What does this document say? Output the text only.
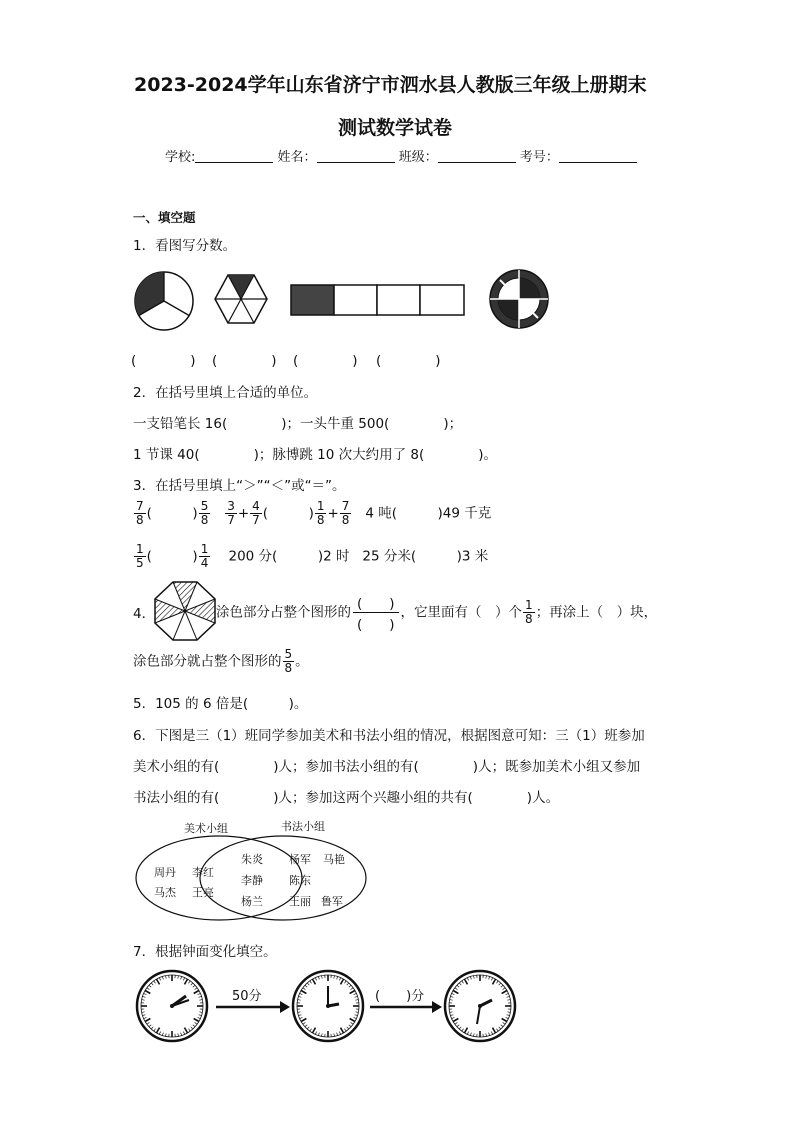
2023-2024学年山东省济宁市泗水县人教版三年级上册期末
测试数学试卷
学校:	姓名：	班级：	考号：
一、填空题
1．看图写分数。
(　　　　) (　　　　) (　　　　) (　　　　)
2．在括号里填上合适的单位。
一支铅笔长 16(　　　　)；一头牛重 500(　　　　)；
1 节课 40(　　　　)；脉博跳 10 次大约用了 8(　　　　)。
3．在括号里填上“＞”“＜”或“＝”。
$\frac{7}{8}$ (　　　) $\frac{5}{8}$
$\frac{3}{7} + \frac{4}{7}$ (　　　) $\frac{1}{8} + \frac{7}{8} 4$ 吨(　　　)49 千克
$\frac{1}{5}$ (　　　) $\frac{1}{4} 200$ 分(　　　)2 时 25 分米(　　　)3 米
4．	涂色部分占整个图形的
(　　)
(　　)
，它里面有（　）个 $\frac{1}{8}$ ；再涂上（　）块，
涂色部分就占整个图形的 $\frac{5}{8}$ 。
5．105 的 6 倍是(　　　)。
6．下图是三（1）班同学参加美术和书法小组的情况，根据图意可知：三（1）班参加
美术小组的有(　　　　)人；参加书法小组的有(　　　　)人；既参加美术小组又参加
书法小组的有(　　　　)人；参加这两个兴趣小组的共有(　　　　)人。
美术小组	书法小组
周丹 李红
马杰 王亮
朱炎
李静
杨兰
杨军 马艳
陈东
王丽 鲁军
7．根据钟面变化填空。
50分	(　　)分
